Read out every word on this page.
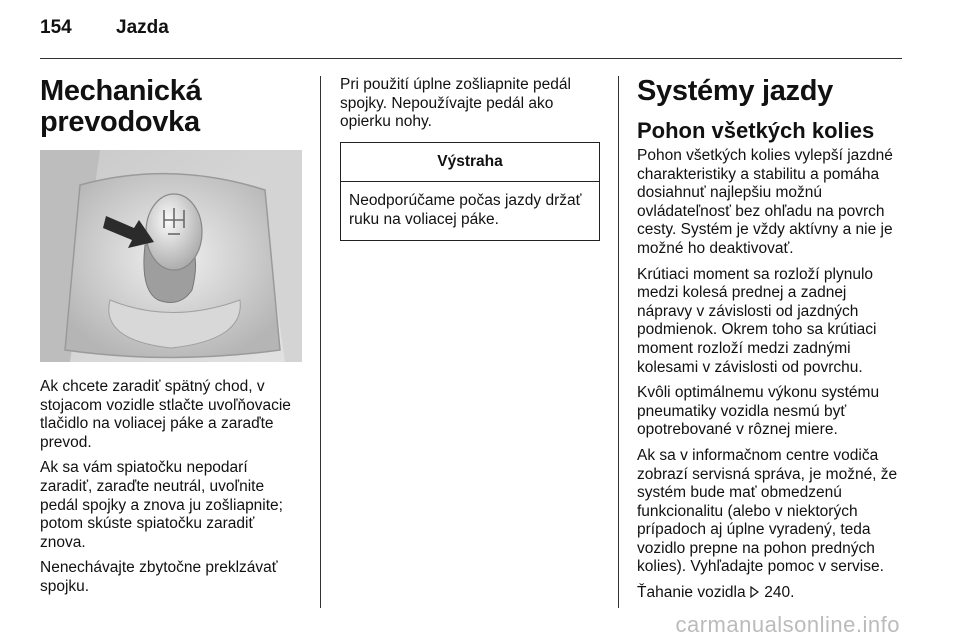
154 Jazda
Mechanická prevodovka

Ak chcete zaradiť spätný chod, v stojacom vozidle stlačte uvoľňovacie tlačidlo na voliacej páke a zaraďte prevod.

Ak sa vám spiatočku nepodarí zaradiť, zaraďte neutrál, uvoľnite pedál spojky a znova ju zošliapnite; potom skúste spiatočku zaradiť znova.

Nenechávajte zbytočne preklzávať spojku.

Pri použití úplne zošliapnite pedál spojky. Nepoužívajte pedál ako opierku nohy.

Výstraha
Neodporúčame počas jazdy držať ruku na voliacej páke.
Systémy jazdy
Pohon všetkých kolies

Pohon všetkých kolies vylepší jazdné charakteristiky a stabilitu a pomáha dosiahnuť najlepšiu možnú ovládateľnosť bez ohľadu na povrch cesty. Systém je vždy aktívny a nie je možné ho deaktivovať.

Krútiaci moment sa rozloží plynulo medzi kolesá prednej a zadnej nápravy v závislosti od jazdných podmienok. Okrem toho sa krútiaci moment rozloží medzi zadnými kolesami v závislosti od povrchu.

Kvôli optimálnemu výkonu systému pneumatiky vozidla nesmú byť opotrebované v rôznej miere.

Ak sa v informačnom centre vodiča zobrazí servisná správa, je možné, že systém bude mať obmedzenú funkcionalitu (alebo v niektorých prípadoch aj úplne vyradený, teda vozidlo prepne na pohon predných kolies). Vyhľadajte pomoc v servise.

Ťahanie vozidla 240.

carmanualsonline.info
